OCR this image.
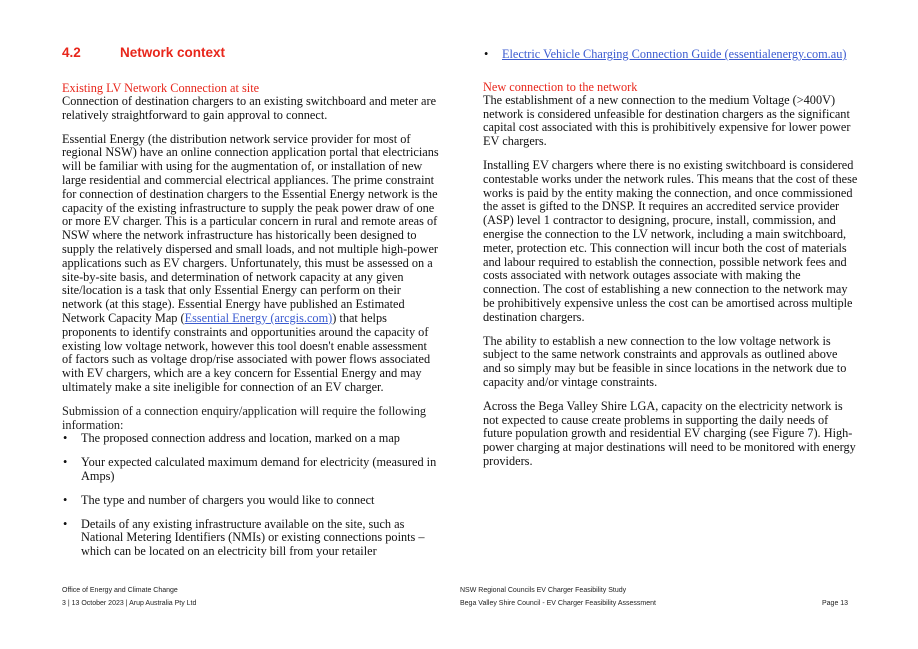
4.2	Network context

Existing LV Network Connection at site

Connection of destination chargers to an existing switchboard and meter are relatively straightforward to gain approval to connect.

Essential Energy (the distribution network service provider for most of regional NSW) have an online connection application portal that electricians will be familiar with using for the augmentation of, or installation of new large residential and commercial electrical appliances. The prime constraint for connection of destination chargers to the Essential Energy network is the capacity of the existing infrastructure to supply the peak power draw of one or more EV charger. This is a particular concern in rural and remote areas of NSW where the network infrastructure has historically been designed to supply the relatively dispersed and small loads, and not multiple high-power applications such as EV chargers. Unfortunately, this must be assessed on a site-by-site basis, and determination of network capacity at any given site/location is a task that only Essential Energy can perform on their network (at this stage). Essential Energy have published an Estimated Network Capacity Map (Essential Energy (arcgis.com)) that helps proponents to identify constraints and opportunities around the capacity of existing low voltage network, however this tool doesn't enable assessment of factors such as voltage drop/rise associated with power flows associated with EV chargers, which are a key concern for Essential Energy and may ultimately make a site ineligible for connection of an EV charger.

Submission of a connection enquiry/application will require the following information:

• The proposed connection address and location, marked on a map
• Your expected calculated maximum demand for electricity (measured in Amps)
• The type and number of chargers you would like to connect
• Details of any existing infrastructure available on the site, such as National Metering Identifiers (NMIs) or existing connections points – which can be located on an electricity bill from your retailer
• Electric Vehicle Charging Connection Guide (essentialenergy.com.au)

New connection to the network

The establishment of a new connection to the medium Voltage (>400V) network is considered unfeasible for destination chargers as the significant capital cost associated with this is prohibitively expensive for lower power EV chargers.

Installing EV chargers where there is no existing switchboard is considered contestable works under the network rules. This means that the cost of these works is paid by the entity making the connection, and once commissioned the asset is gifted to the DNSP. It requires an accredited service provider (ASP) level 1 contractor to designing, procure, install, commission, and energise the connection to the LV network, including a main switchboard, meter, protection etc. This connection will incur both the cost of materials and labour required to establish the connection, possible network fees and costs associated with network outages associate with making the connection. The cost of establishing a new connection to the network may be prohibitively expensive unless the cost can be amortised across multiple destination chargers.

The ability to establish a new connection to the low voltage network is subject to the same network constraints and approvals as outlined above and so simply may but be feasible in since locations in the network due to capacity and/or vintage constraints.

Across the Bega Valley Shire LGA, capacity on the electricity network is not expected to cause create problems in supporting the daily needs of future population growth and residential EV charging (see Figure 7). High-power charging at major destinations will need to be monitored with energy providers.

Office of Energy and Climate Change
3 | 13 October 2023 | Arup Australia Pty Ltd
NSW Regional Councils EV Charger Feasibility Study
Bega Valley Shire Council - EV Charger Feasibility Assessment	Page 13
